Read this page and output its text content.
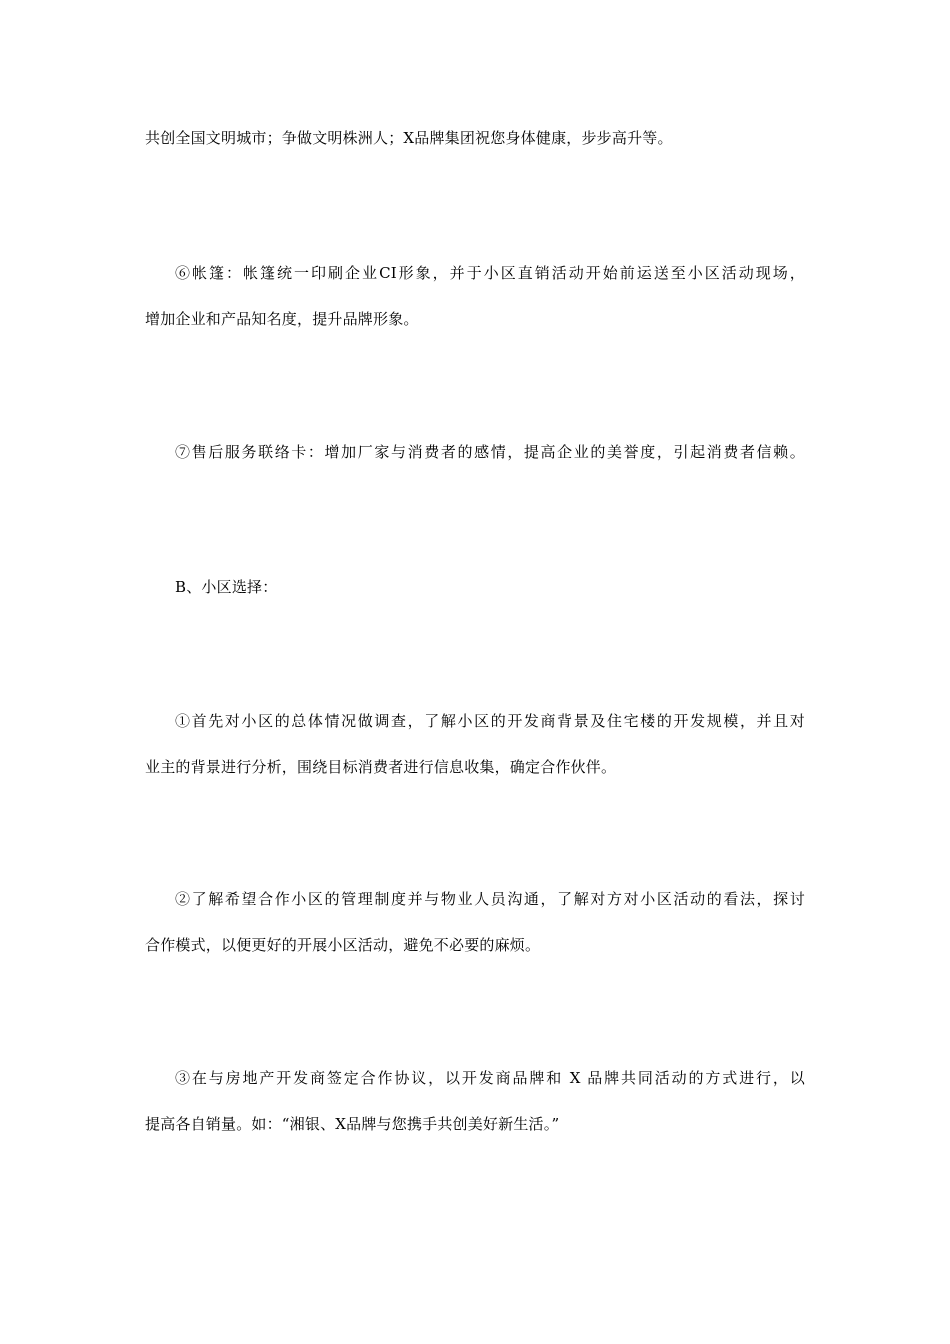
共创全国文明城市；争做文明株洲人；X品牌集团祝您身体健康，步步高升等。
⑥帐篷：帐篷统一印刷企业CI形象，并于小区直销活动开始前运送至小区活动现场，
增加企业和产品知名度，提升品牌形象。
⑦售后服务联络卡：增加厂家与消费者的感情，提高企业的美誉度，引起消费者信赖。
B、小区选择：
①首先对小区的总体情况做调查，了解小区的开发商背景及住宅楼的开发规模，并且对
业主的背景进行分析，围绕目标消费者进行信息收集，确定合作伙伴。
②了解希望合作小区的管理制度并与物业人员沟通，了解对方对小区活动的看法，探讨
合作模式，以便更好的开展小区活动，避免不必要的麻烦。
③在与房地产开发商签定合作协议，以开发商品牌和 X 品牌共同活动的方式进行，以
提高各自销量。如：“湘银、X品牌与您携手共创美好新生活。”
